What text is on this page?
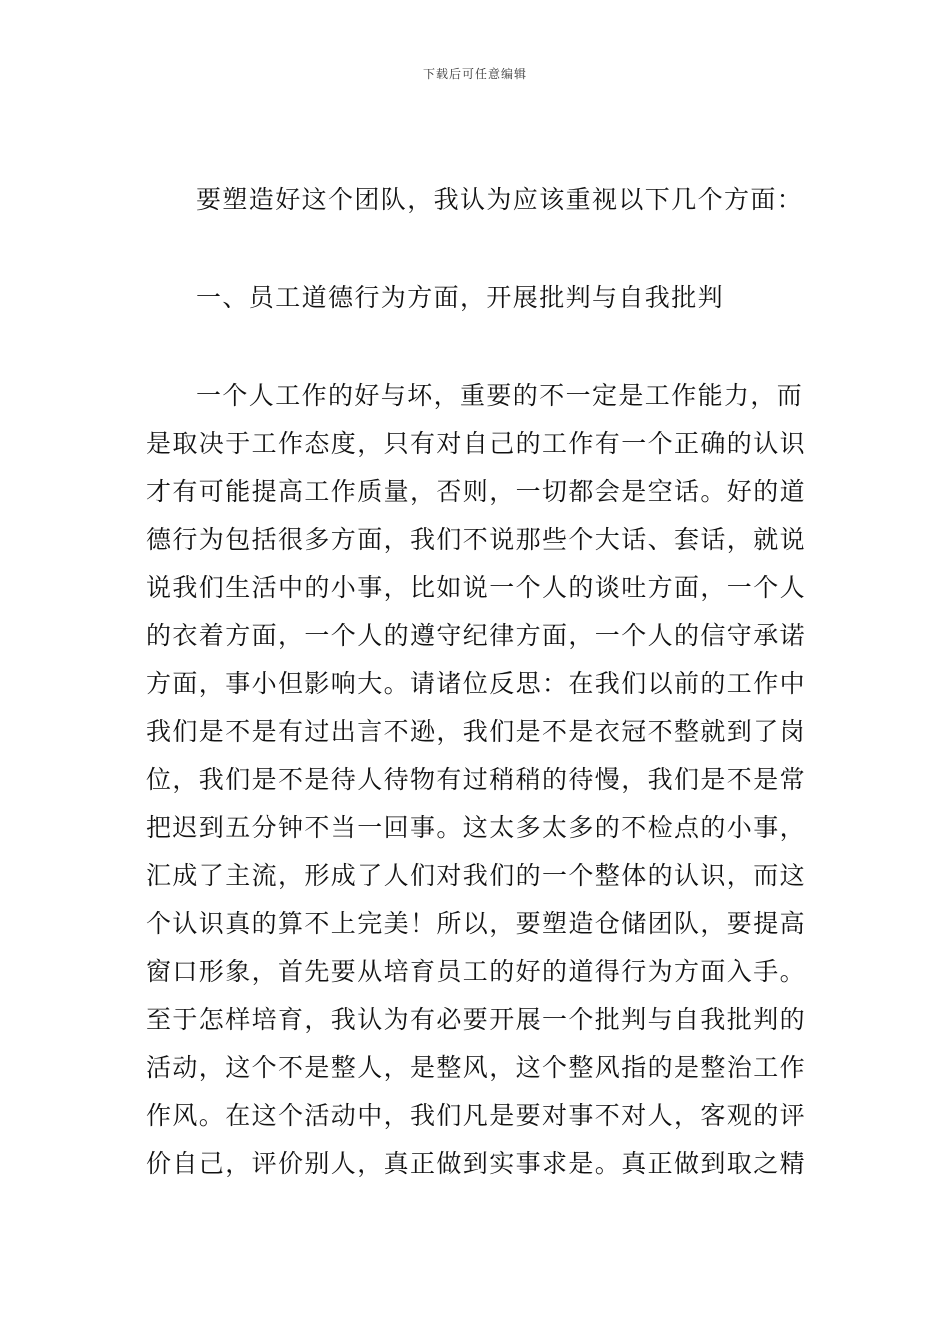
下载后可任意编辑
要塑造好这个团队，我认为应该重视以下几个方面：
一、员工道德行为方面，开展批判与自我批判
一个人工作的好与坏，重要的不一定是工作能力，而
是取决于工作态度，只有对自己的工作有一个正确的认识
才有可能提高工作质量，否则，一切都会是空话。好的道
德行为包括很多方面，我们不说那些个大话、套话，就说
说我们生活中的小事，比如说一个人的谈吐方面，一个人
的衣着方面，一个人的遵守纪律方面，一个人的信守承诺
方面，事小但影响大。请诸位反思：在我们以前的工作中
我们是不是有过出言不逊，我们是不是衣冠不整就到了岗
位，我们是不是待人待物有过稍稍的待慢，我们是不是常
把迟到五分钟不当一回事。这太多太多的不检点的小事，
汇成了主流，形成了人们对我们的一个整体的认识，而这
个认识真的算不上完美！所以，要塑造仓储团队，要提高
窗口形象，首先要从培育员工的好的道得行为方面入手。
至于怎样培育，我认为有必要开展一个批判与自我批判的
活动，这个不是整人，是整风，这个整风指的是整治工作
作风。在这个活动中，我们凡是要对事不对人，客观的评
价自己，评价别人，真正做到实事求是。真正做到取之精
